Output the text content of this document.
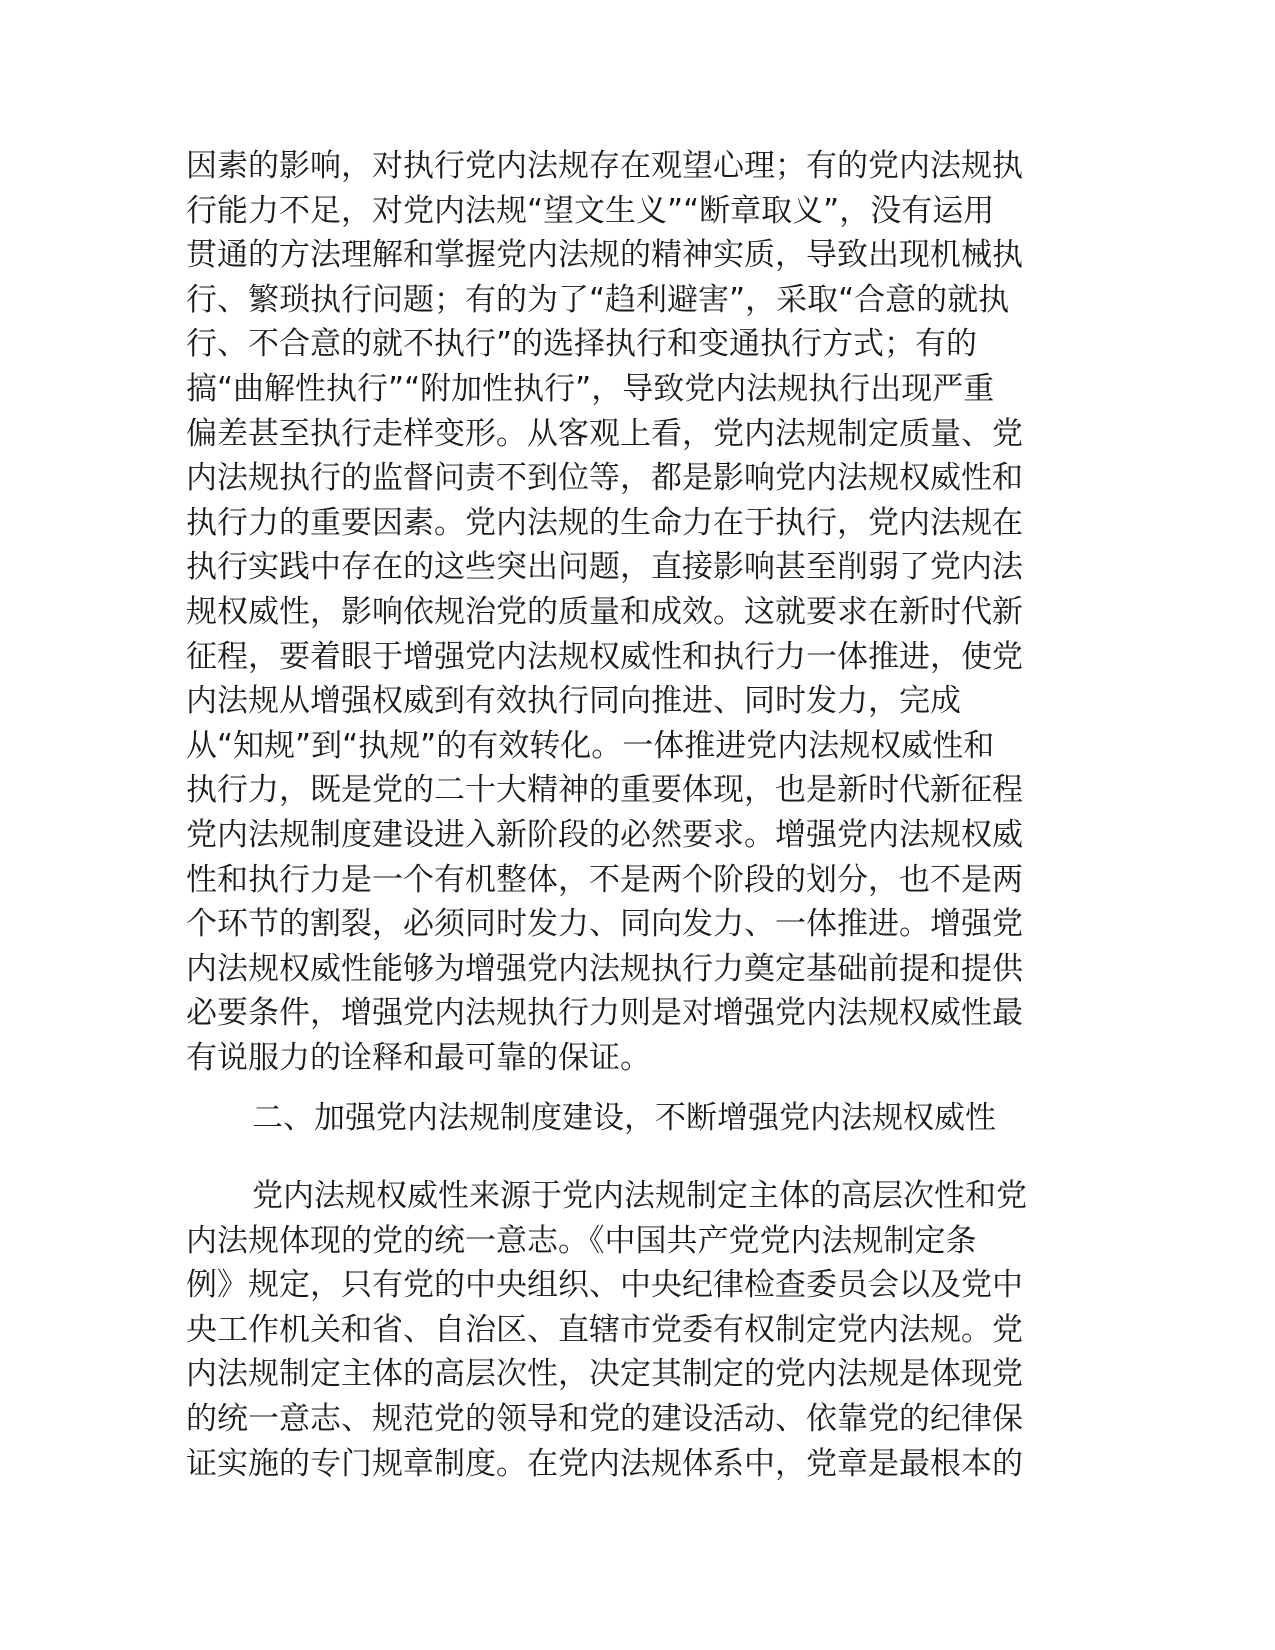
因素的影响，对执行党内法规存在观望心理；有的党内法规执
行能力不足，对党内法规“望文生义”“断章取义”，没有运用
贯通的方法理解和掌握党内法规的精神实质，导致出现机械执
行、繁琐执行问题；有的为了“趋利避害”，采取“合意的就执
行、不合意的就不执行”的选择执行和变通执行方式；有的
搞“曲解性执行”“附加性执行”，导致党内法规执行出现严重
偏差甚至执行走样变形。从客观上看，党内法规制定质量、党
内法规执行的监督问责不到位等，都是影响党内法规权威性和
执行力的重要因素。党内法规的生命力在于执行，党内法规在
执行实践中存在的这些突出问题，直接影响甚至削弱了党内法
规权威性，影响依规治党的质量和成效。这就要求在新时代新
征程，要着眼于增强党内法规权威性和执行力一体推进，使党
内法规从增强权威到有效执行同向推进、同时发力，完成
从“知规”到“执规”的有效转化。一体推进党内法规权威性和
执行力，既是党的二十大精神的重要体现，也是新时代新征程
党内法规制度建设进入新阶段的必然要求。增强党内法规权威
性和执行力是一个有机整体，不是两个阶段的划分，也不是两
个环节的割裂，必须同时发力、同向发力、一体推进。增强党
内法规权威性能够为增强党内法规执行力奠定基础前提和提供
必要条件，增强党内法规执行力则是对增强党内法规权威性最
有说服力的诠释和最可靠的保证。
二、加强党内法规制度建设，不断增强党内法规权威性
党内法规权威性来源于党内法规制定主体的高层次性和党
内法规体现的党的统一意志。《中国共产党党内法规制定条
例》规定，只有党的中央组织、中央纪律检查委员会以及党中
央工作机关和省、自治区、直辖市党委有权制定党内法规。党
内法规制定主体的高层次性，决定其制定的党内法规是体现党
的统一意志、规范党的领导和党的建设活动、依靠党的纪律保
证实施的专门规章制度。在党内法规体系中，党章是最根本的
